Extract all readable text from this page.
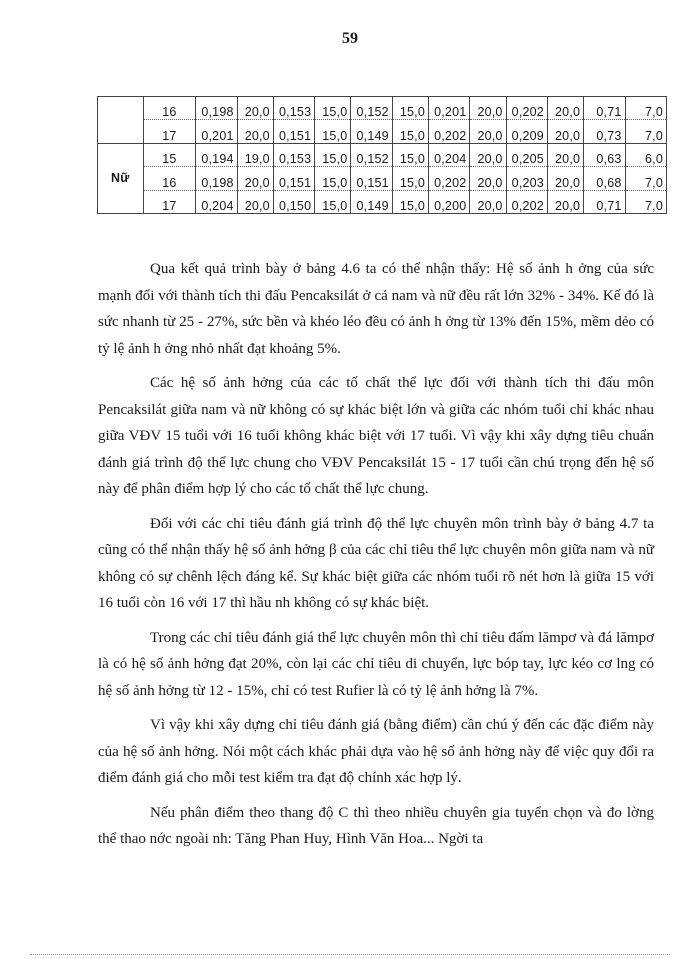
59
	16	0,198	20,0	0,153	15,0	0,152	15,0	0,201	20,0	0,202	20,0	0,71	7,0
	17	0,201	20,0	0,151	15,0	0,149	15,0	0,202	20,0	0,209	20,0	0,73	7,0
Nữ	15	0,194	19,0	0,153	15,0	0,152	15,0	0,204	20,0	0,205	20,0	0,63	6,0
	16	0,198	20,0	0,151	15,0	0,151	15,0	0,202	20,0	0,203	20,0	0,68	7,0
	17	0,204	20,0	0,150	15,0	0,149	15,0	0,200	20,0	0,202	20,0	0,71	7,0

Qua kết quả trình bày ở bảng 4.6 ta có thể nhận thấy: Hệ số ảnh h ởng của sức mạnh đối với thành tích thi đấu Pencaksilát ở cả nam và nữ đều rất lớn 32% - 34%. Kế đó là sức nhanh từ 25 - 27%, sức bền và khéo léo đều có ảnh h ởng từ 13% đến 15%, mềm dẻo có tỷ lệ ảnh h ởng nhỏ nhất đạt khoảng 5%.

Các hệ số ảnh hởng của các tố chất thể lực đối với thành tích thi đấu môn Pencaksilát giữa nam và nữ không có sự khác biệt lớn và giữa các nhóm tuổi chỉ khác nhau giữa VĐV 15 tuổi với 16 tuổi không khác biệt với 17 tuổi. Vì vậy khi xây dựng tiêu chuẩn đánh giá trình độ thể lực chung cho VĐV Pencaksilát 15 - 17 tuổi cần chú trọng đến hệ số này để phân điểm hợp lý cho các tố chất thể lực chung.

Đối với các chỉ tiêu đánh giá trình độ thể lực chuyên môn trình bày ở bảng 4.7 ta cũng có thể nhận thấy hệ số ảnh hởng β của các chỉ tiêu thể lực chuyên môn giữa nam và nữ không có sự chênh lệch đáng kể. Sự khác biệt giữa các nhóm tuổi rõ nét hơn là giữa 15 với 16 tuổi còn 16 với 17 thì hầu nh không có sự khác biệt.

Trong các chỉ tiêu đánh giá thể lực chuyên môn thì chỉ tiêu đấm lămpơ và đá lămpơ là có hệ số ảnh hởng đạt 20%, còn lại các chỉ tiêu di chuyển, lực bóp tay, lực kéo cơ lng có hệ số ảnh hởng từ 12 - 15%, chỉ có test Rufier là có tỷ lệ ảnh hởng là 7%.

Vì vậy khi xây dựng chỉ tiêu đánh giá (bằng điểm) cần chú ý đến các đặc điểm này của hệ số ảnh hởng. Nói một cách khác phải dựa vào hệ số ảnh hởng này để việc quy đổi ra điểm đánh giá cho mỗi test kiểm tra đạt độ chính xác hợp lý.

Nếu phân điểm theo thang độ C thì theo nhiều chuyên gia tuyển chọn và đo lờng thể thao nớc ngoài nh: Tăng Phan Huy, Hình Văn Hoa... Ngời ta
